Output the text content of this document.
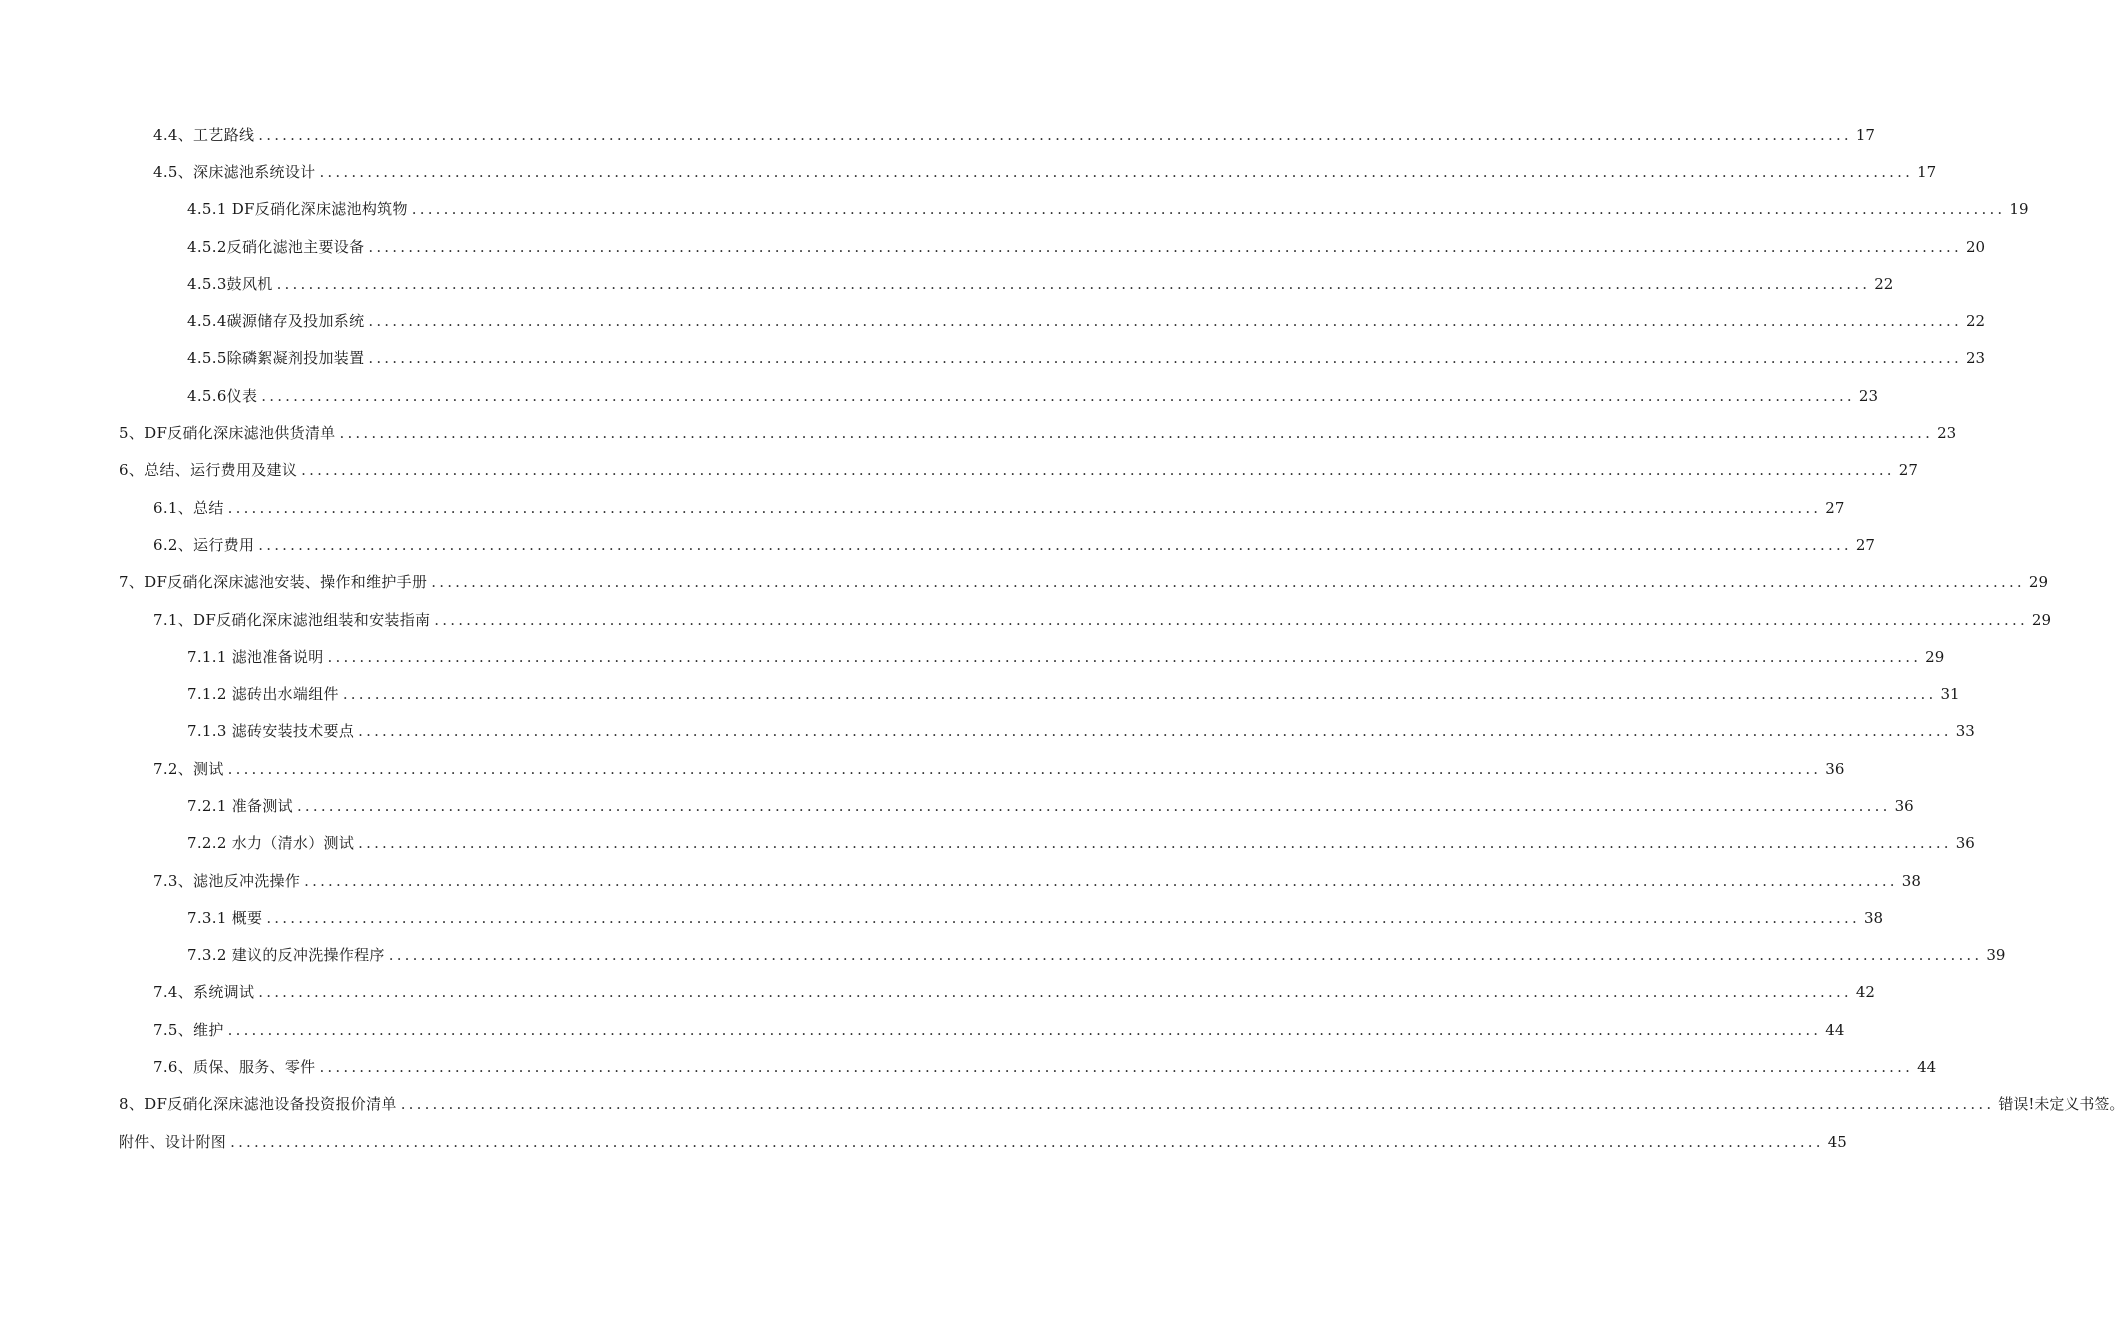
4.4、工艺路线 ........................................................................................................................................................................................................ 17
4.5、深床滤池系统设计 ........................................................................................................................................................................................................ 17
4.5.1 DF反硝化深床滤池构筑物 ........................................................................................................................................................................................................ 19
4.5.2反硝化滤池主要设备 ........................................................................................................................................................................................................ 20
4.5.3鼓风机 ........................................................................................................................................................................................................ 22
4.5.4碳源储存及投加系统 ........................................................................................................................................................................................................ 22
4.5.5除磷絮凝剂投加装置 ........................................................................................................................................................................................................ 23
4.5.6仪表 ........................................................................................................................................................................................................ 23
5、DF反硝化深床滤池供货清单 ........................................................................................................................................................................................................ 23
6、总结、运行费用及建议 ........................................................................................................................................................................................................ 27
6.1、总结 ........................................................................................................................................................................................................ 27
6.2、运行费用 ........................................................................................................................................................................................................ 27
7、DF反硝化深床滤池安装、操作和维护手册 ........................................................................................................................................................................................................ 29
7.1、DF反硝化深床滤池组装和安装指南 ........................................................................................................................................................................................................ 29
7.1.1 滤池准备说明 ........................................................................................................................................................................................................ 29
7.1.2 滤砖出水端组件 ........................................................................................................................................................................................................ 31
7.1.3 滤砖安装技术要点 ........................................................................................................................................................................................................ 33
7.2、测试 ........................................................................................................................................................................................................ 36
7.2.1 准备测试 ........................................................................................................................................................................................................ 36
7.2.2 水力（清水）测试 ........................................................................................................................................................................................................ 36
7.3、滤池反冲洗操作 ........................................................................................................................................................................................................ 38
7.3.1 概要 ........................................................................................................................................................................................................ 38
7.3.2 建议的反冲洗操作程序 ........................................................................................................................................................................................................ 39
7.4、系统调试 ........................................................................................................................................................................................................ 42
7.5、维护 ........................................................................................................................................................................................................ 44
7.6、质保、服务、零件 ........................................................................................................................................................................................................ 44
8、DF反硝化深床滤池设备投资报价清单 ........................................................................................................................................................................................................ 错误!未定义书签。
附件、设计附图 ........................................................................................................................................................................................................ 45
